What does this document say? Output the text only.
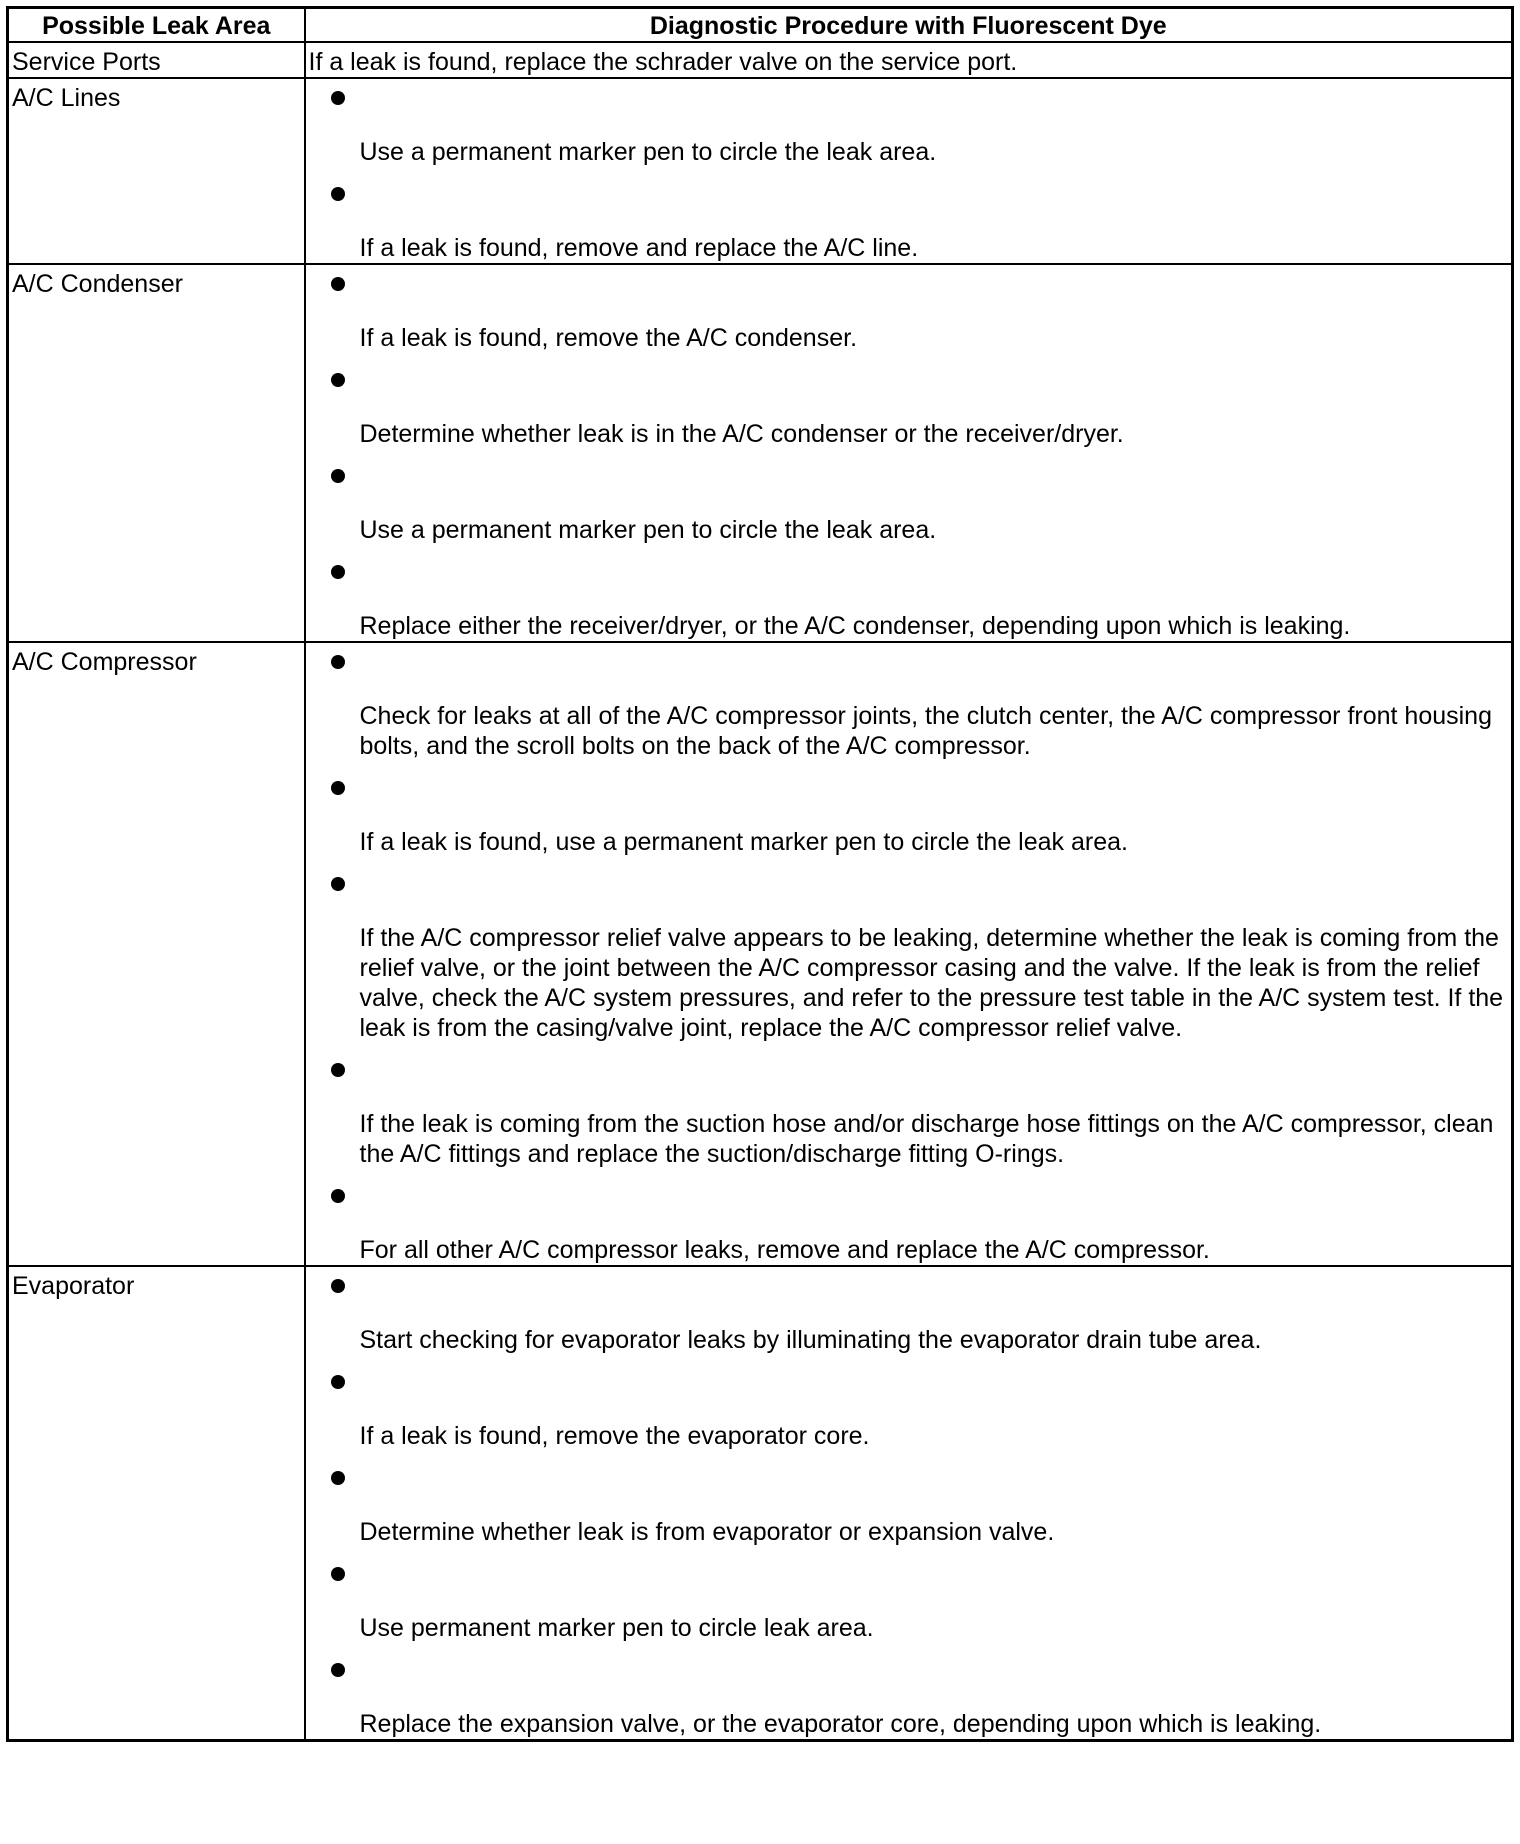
Possible Leak Area	Diagnostic Procedure with Fluorescent Dye
Service Ports	If a leak is found, replace the schrader valve on the service port.
A/C Lines	Use a permanent marker pen to circle the leak area.
If a leak is found, remove and replace the A/C line.

A/C Condenser	If a leak is found, remove the A/C condenser.
Determine whether leak is in the A/C condenser or the receiver/dryer.
Use a permanent marker pen to circle the leak area.
Replace either the receiver/dryer, or the A/C condenser, depending upon which is leaking.

A/C Compressor	Check for leaks at all of the A/C compressor joints, the clutch center, the A/C compressor front housing bolts, and the scroll bolts on the back of the A/C compressor.
If a leak is found, use a permanent marker pen to circle the leak area.
If the A/C compressor relief valve appears to be leaking, determine whether the leak is coming from the relief valve, or the joint between the A/C compressor casing and the valve. If the leak is from the relief valve, check the A/C system pressures, and refer to the pressure test table in the A/C system test. If the leak is from the casing/valve joint, replace the A/C compressor relief valve.
If the leak is coming from the suction hose and/or discharge hose fittings on the A/C compressor, clean the A/C fittings and replace the suction/discharge fitting O-rings.
For all other A/C compressor leaks, remove and replace the A/C compressor.

Evaporator	Start checking for evaporator leaks by illuminating the evaporator drain tube area.
If a leak is found, remove the evaporator core.
Determine whether leak is from evaporator or expansion valve.
Use permanent marker pen to circle leak area.
Replace the expansion valve, or the evaporator core, depending upon which is leaking.
